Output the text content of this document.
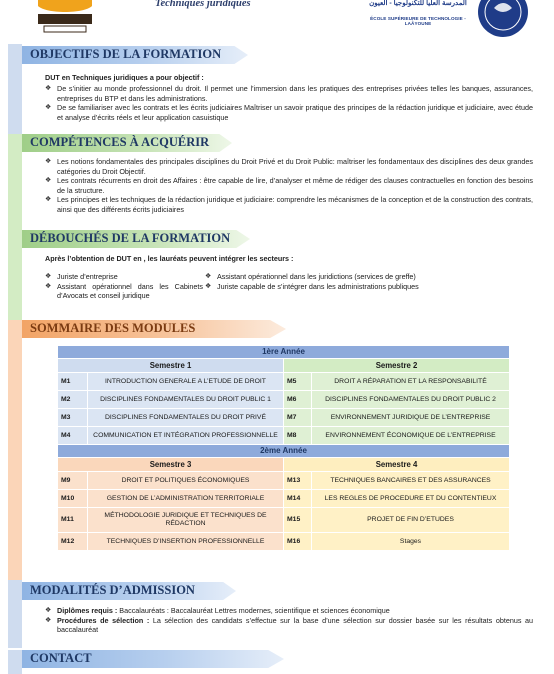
Techniques juridiques	المدرسة العليا للتكنولوجيا - العيون
ÉCOLE SUPÉRIEURE DE TECHNOLOGIE - LAÂYOUNE
OBJECTIFS DE LA FORMATION
DUT en Techniques juridiques a pour objectif :
❖ De s’initier au monde professionnel du droit. Il permet une l’immersion dans les pratiques des entreprises privées telles les banques, assurances, entreprises du BTP et dans les administrations.
❖ De se familiariser avec les contrats et les écrits judiciaires Maîtriser un savoir pratique des principes de la rédaction juridique et judiciaire, avec étude et analyse d’écrits réels et leur application casuistique
COMPÉTENCES À ACQUÉRIR
❖ Les notions fondamentales des principales disciplines du Droit Privé et du Droit Public: maîtriser les fondamentaux des disciplines des deux grandes catégories du Droit Objectif.
❖ Les contrats récurrents en droit des Affaires : être capable de lire, d’analyser et même de rédiger des clauses contractuelles en fonction des besoins de la structure.
❖ Les principes et les techniques de la rédaction juridique et judiciaire: comprendre les mécanismes de la conception et de la construction des contrats, ainsi que des différents écrits judiciaires
DÉBOUCHÉS DE LA FORMATION
Après l’obtention de DUT en , les lauréats peuvent intégrer les secteurs :
❖ Juriste d’entreprise
❖ Assistant opérationnel dans les Cabinets d’Avocats et conseil juridique
❖ Assistant opérationnel dans les juridictions (services de greffe)
❖ Juriste capable de s’intégrer dans les administrations publiques
SOMMAIRE DES MODULES
1ère Année			
Semestre 1		Semestre 2	
M1	INTRODUCTION GENERALE A L’ETUDE DE DROIT	M5	DROIT A RÉPARATION ET LA RESPONSABILITÉ
M2	DISCIPLINES FONDAMENTALES DU DROIT PUBLIC 1	M6	DISCIPLINES FONDAMENTALES DU DROIT PUBLIC 2
M3	DISCIPLINES FONDAMENTALES DU DROIT PRIVÉ	M7	ENVIRONNEMENT JURIDIQUE DE L’ENTREPRISE
M4	COMMUNICATION ET INTÉGRATION PROFESSIONNELLE	M8	ENVIRONNEMENT ÉCONOMIQUE DE L’ENTREPRISE
2ème Année			
Semestre 3		Semestre 4	
M9	DROIT ET POLITIQUES ÉCONOMIQUES	M13	TECHNIQUES BANCAIRES ET DES ASSURANCES
M10	GESTION DE L’ADMINISTRATION TERRITORIALE	M14	LES REGLES DE PROCEDURE ET DU CONTENTIEUX
M11	MÉTHODOLOGIE JURIDIQUE ET TECHNIQUES DE RÉDACTION	M15	PROJET DE FIN D’ETUDES
M12	TECHNIQUES D’INSERTION PROFESSIONNELLE	M16	Stages
MODALITÉS D’ADMISSION
❖ Diplômes requis : Baccalauréats : Baccalauréat Lettres modernes, scientifique et sciences économique
❖ Procédures de sélection : La sélection des candidats s’effectue sur la base d’une sélection sur dossier basée sur les résultats obtenus au baccalauréat
CONTACT
